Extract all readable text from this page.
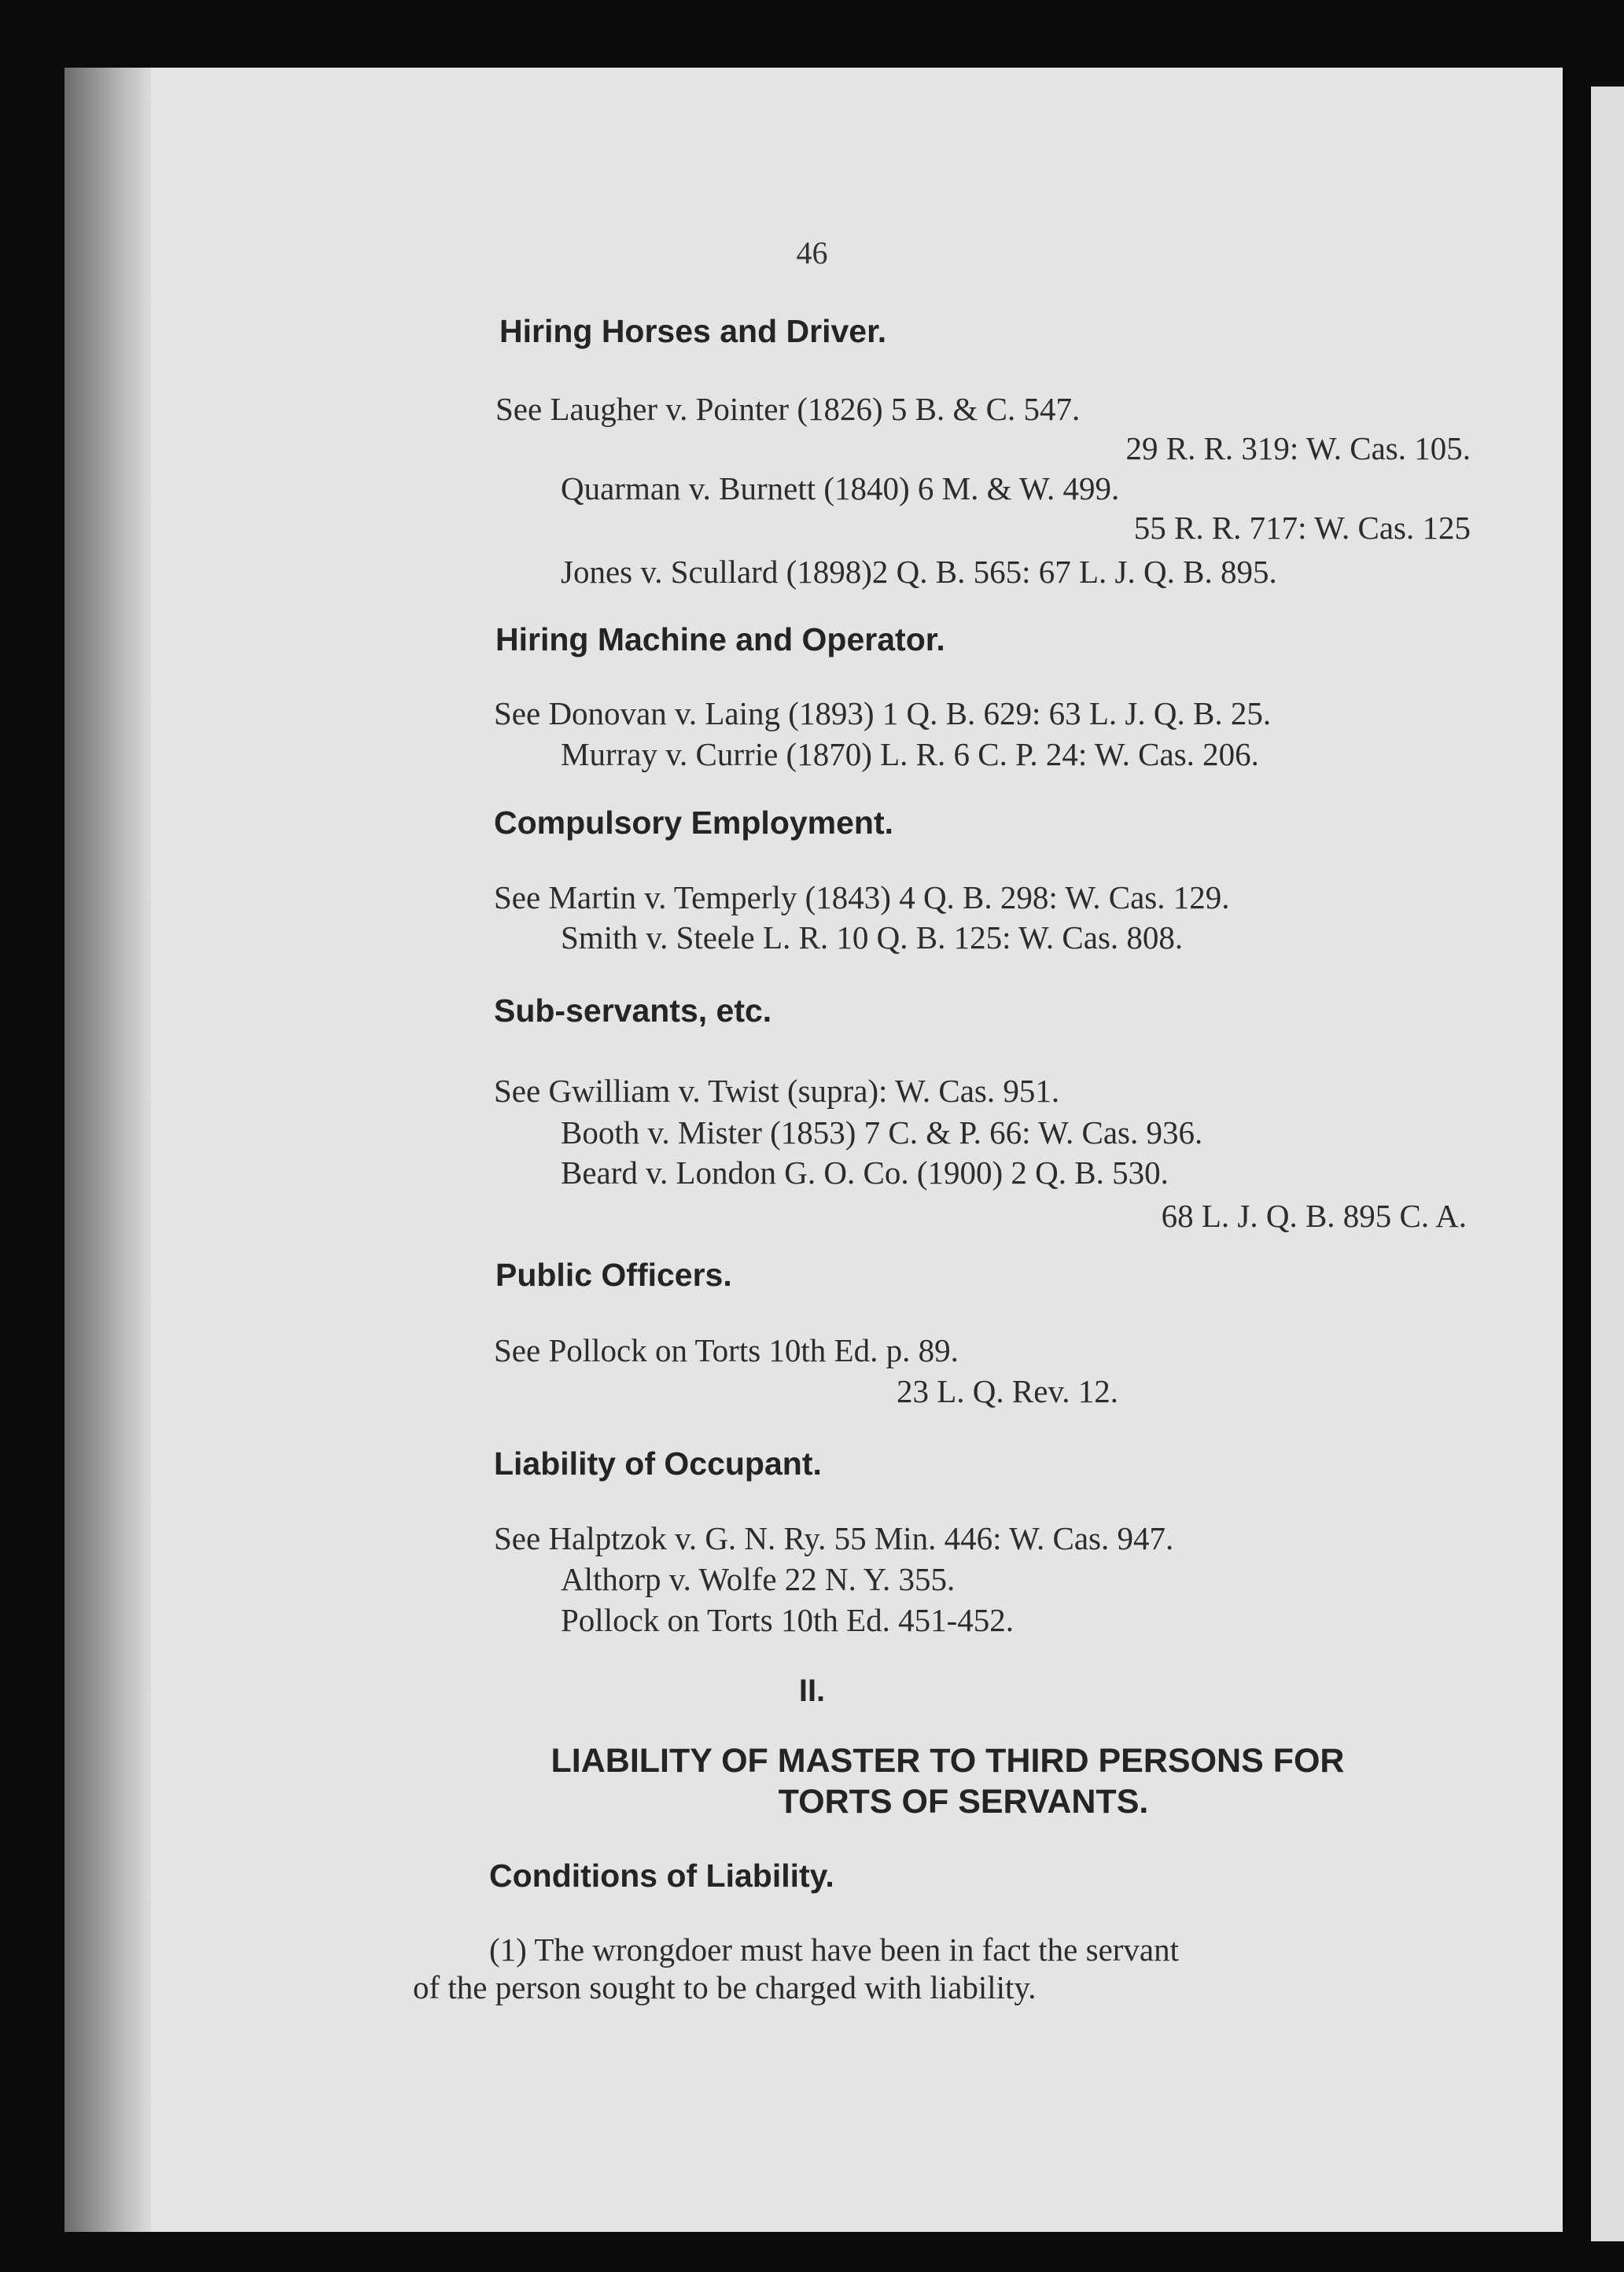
46
Hiring Horses and Driver.
See Laugher v. Pointer (1826) 5 B. & C. 547.
29 R. R. 319: W. Cas. 105.
Quarman v. Burnett (1840) 6 M. & W. 499.
55 R. R. 717: W. Cas. 125
Jones v. Scullard (1898)2 Q. B. 565: 67 L. J. Q. B. 895.
Hiring Machine and Operator.
See Donovan v. Laing (1893) 1 Q. B. 629: 63 L. J. Q. B. 25.
Murray v. Currie (1870) L. R. 6 C. P. 24: W. Cas. 206.
Compulsory Employment.
See Martin v. Temperly (1843) 4 Q. B. 298: W. Cas. 129.
Smith v. Steele L. R. 10 Q. B. 125: W. Cas. 808.
Sub-servants, etc.
See Gwilliam v. Twist (supra): W. Cas. 951.
Booth v. Mister (1853) 7 C. & P. 66: W. Cas. 936.
Beard v. London G. O. Co. (1900) 2 Q. B. 530.
68 L. J. Q. B. 895 C. A.
Public Officers.
See Pollock on Torts 10th Ed. p. 89.
23 L. Q. Rev. 12.
Liability of Occupant.
See Halptzok v. G. N. Ry. 55 Min. 446: W. Cas. 947.
Althorp v. Wolfe 22 N. Y. 355.
Pollock on Torts 10th Ed. 451-452.
II.
LIABILITY OF MASTER TO THIRD PERSONS FOR
TORTS OF SERVANTS.
Conditions of Liability.
(1) The wrongdoer must have been in fact the servant
of the person sought to be charged with liability.
